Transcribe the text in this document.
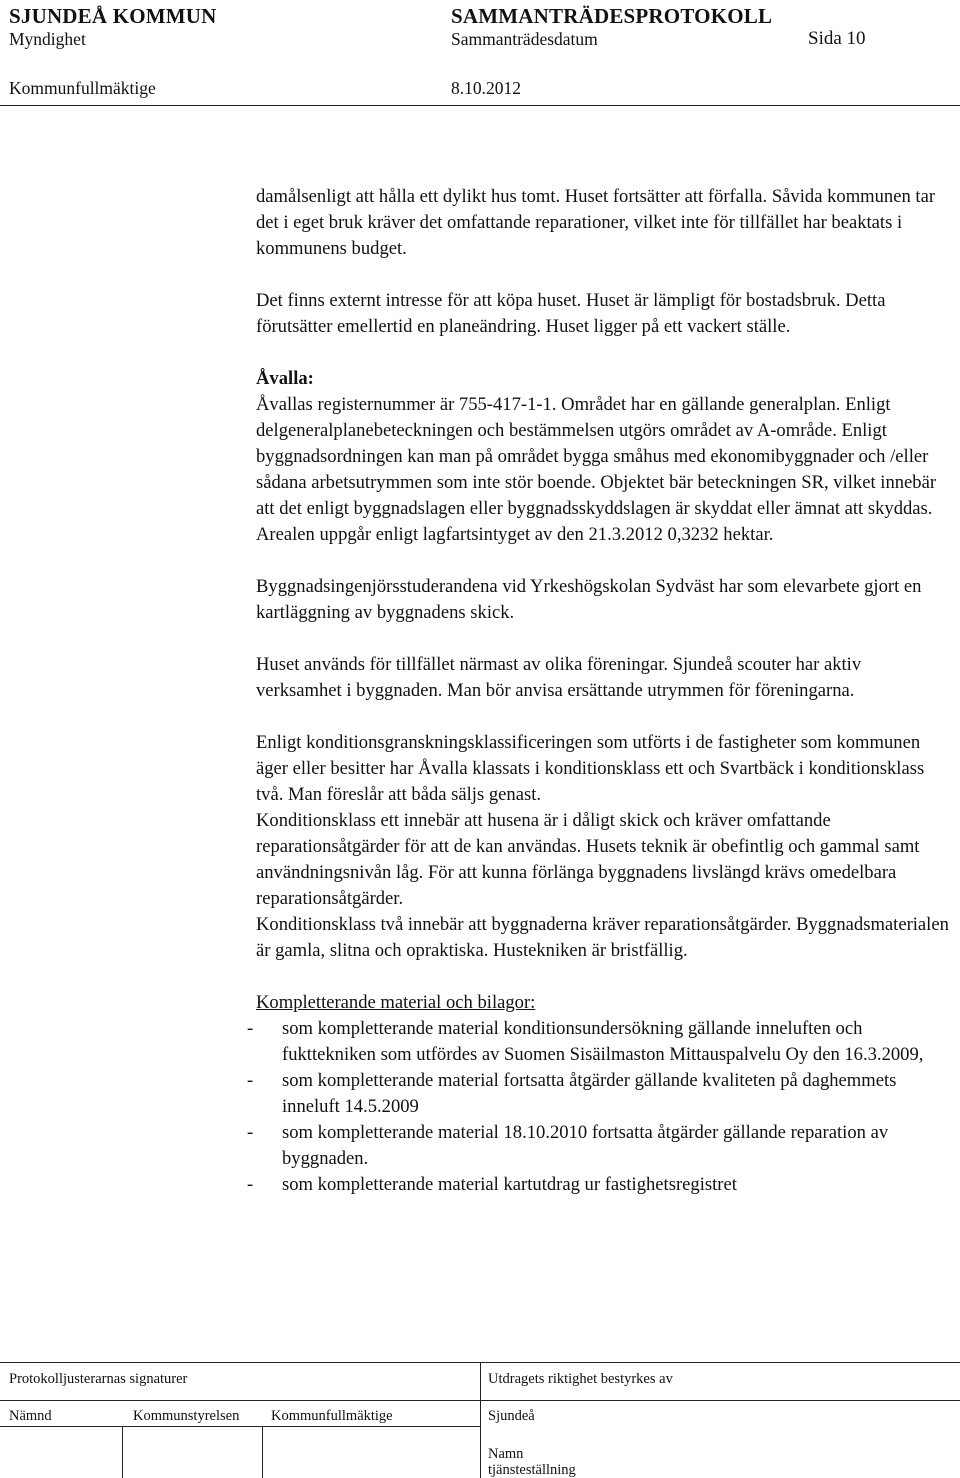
SJUNDEÅ KOMMUN	SAMMANTRÄDESPROTOKOLL
Myndighet	Sammanträdesdatum	Sida 10
Kommunfullmäktige	8.10.2012

damålsenligt att hålla ett dylikt hus tomt. Huset fortsätter att förfalla. Såvida kommunen tar det i eget bruk kräver det omfattande reparationer, vilket inte för tillfället har beaktats i kommunens budget.

Det finns externt intresse för att köpa huset. Huset är lämpligt för bostadsbruk. Detta förutsätter emellertid en planeändring. Huset ligger på ett vackert ställe.

Åvalla:

Åvallas registernummer är 755-417-1-1. Området har en gällande generalplan. Enligt delgeneralplanebeteckningen och bestämmelsen utgörs området av A-område. Enligt byggnadsordningen kan man på området bygga småhus med ekonomibyggnader och /eller sådana arbetsutrymmen som inte stör boende. Objektet bär beteckningen SR, vilket innebär att det enligt byggnadslagen eller byggnadsskyddslagen är skyddat eller ämnat att skyddas. Arealen uppgår enligt lagfartsintyget av den 21.3.2012 0,3232 hektar.

Byggnadsingenjörsstuderandena vid Yrkeshögskolan Sydväst har som elevarbete gjort en kartläggning av byggnadens skick.

Huset används för tillfället närmast av olika föreningar. Sjundeå scouter har aktiv verksamhet i byggnaden. Man bör anvisa ersättande utrymmen för föreningarna.

Enligt konditionsgranskningsklassificeringen som utförts i de fastigheter som kommunen äger eller besitter har Åvalla klassats i konditionsklass ett och Svartbäck i konditionsklass två. Man föreslår att båda säljs genast.

Konditionsklass ett innebär att husena är i dåligt skick och kräver omfattande reparationsåtgärder för att de kan användas. Husets teknik är obefintlig och gammal samt användningsnivån låg. För att kunna förlänga byggnadens livslängd krävs omedelbara reparationsåtgärder.

Konditionsklass två innebär att byggnaderna kräver reparationsåtgärder. Byggnadsmaterialen är gamla, slitna och opraktiska. Hustekniken är bristfällig.

Kompletterande material och bilagor:

- som kompletterande material konditionsundersökning gällande inneluften och fukttekniken som utfördes av Suomen Sisäilmaston Mittauspalvelu Oy den 16.3.2009,
- som kompletterande material fortsatta åtgärder gällande kvaliteten på daghemmets inneluft 14.5.2009
- som kompletterande material 18.10.2010 fortsatta åtgärder gällande reparation av byggnaden.
- som kompletterande material kartutdrag ur fastighetsregistret
Protokolljusterarnas signaturer	Utdragets riktighet bestyrkes av
Nämnd	Kommunstyrelsen Kommunfullmäktige	Sjundeå
Namn
tjänsteställning
